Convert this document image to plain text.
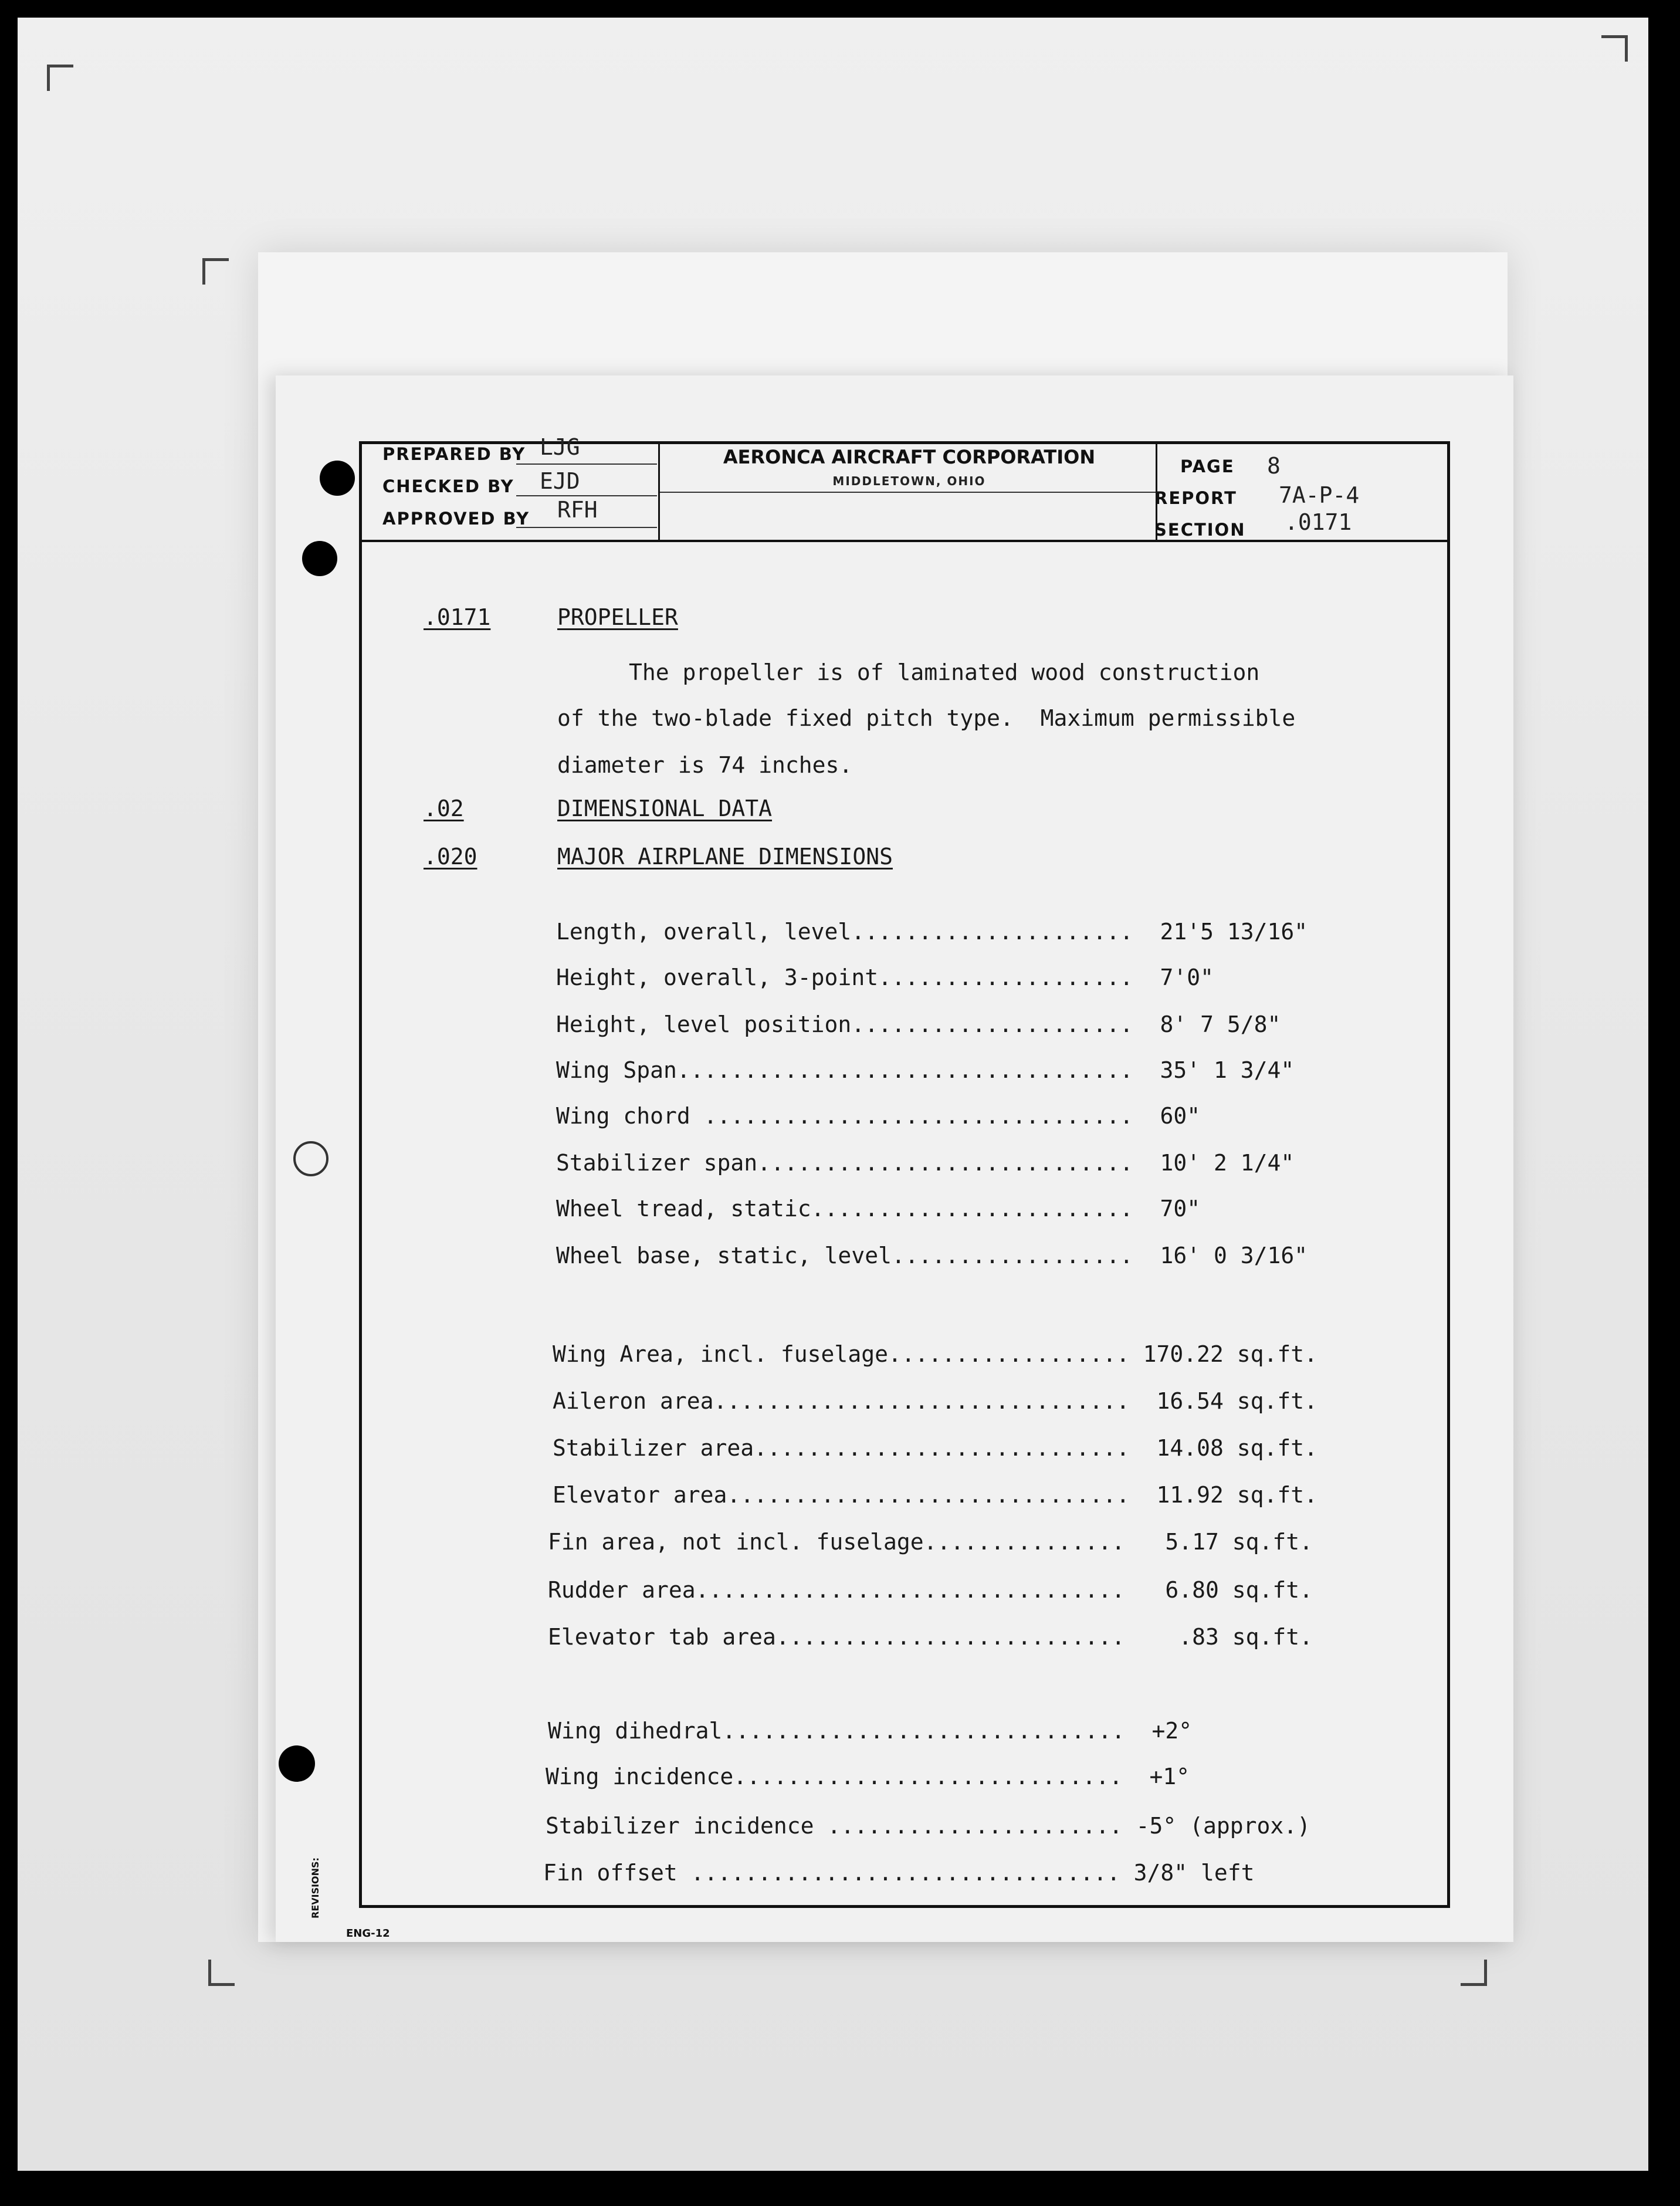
PREPARED BY LJG
CHECKED BY EJD
APPROVED BY RFH
AERONCA AIRCRAFT CORPORATION
MIDDLETOWN, OHIO
PAGE 8
REPORT 7A-P-4
SECTION .0171
.0171	PROPELLER
The propeller is of laminated wood construction
of the two-blade fixed pitch type.  Maximum permissible
diameter is 74 inches.
.02	DIMENSIONAL DATA
.020	MAJOR AIRPLANE DIMENSIONS
Length, overall, level.....................  21'5 13/16"
Height, overall, 3-point...................  7'0"
Height, level position.....................  8' 7 5/8"
Wing Span..................................  35' 1 3/4"
Wing chord ................................  60"
Stabilizer span............................  10' 2 1/4"
Wheel tread, static........................  70"
Wheel base, static, level..................  16' 0 3/16"
Wing Area, incl. fuselage.................. 170.22 sq.ft.
Aileron area...............................  16.54 sq.ft.
Stabilizer area............................  14.08 sq.ft.
Elevator area..............................  11.92 sq.ft.
Fin area, not incl. fuselage...............   5.17 sq.ft.
Rudder area................................   6.80 sq.ft.
Elevator tab area..........................    .83 sq.ft.
Wing dihedral..............................  +2°
Wing incidence.............................  +1°
Stabilizer incidence ...................... -5° (approx.)
Fin offset ................................ 3/8" left
REVISIONS:
ENG-12
